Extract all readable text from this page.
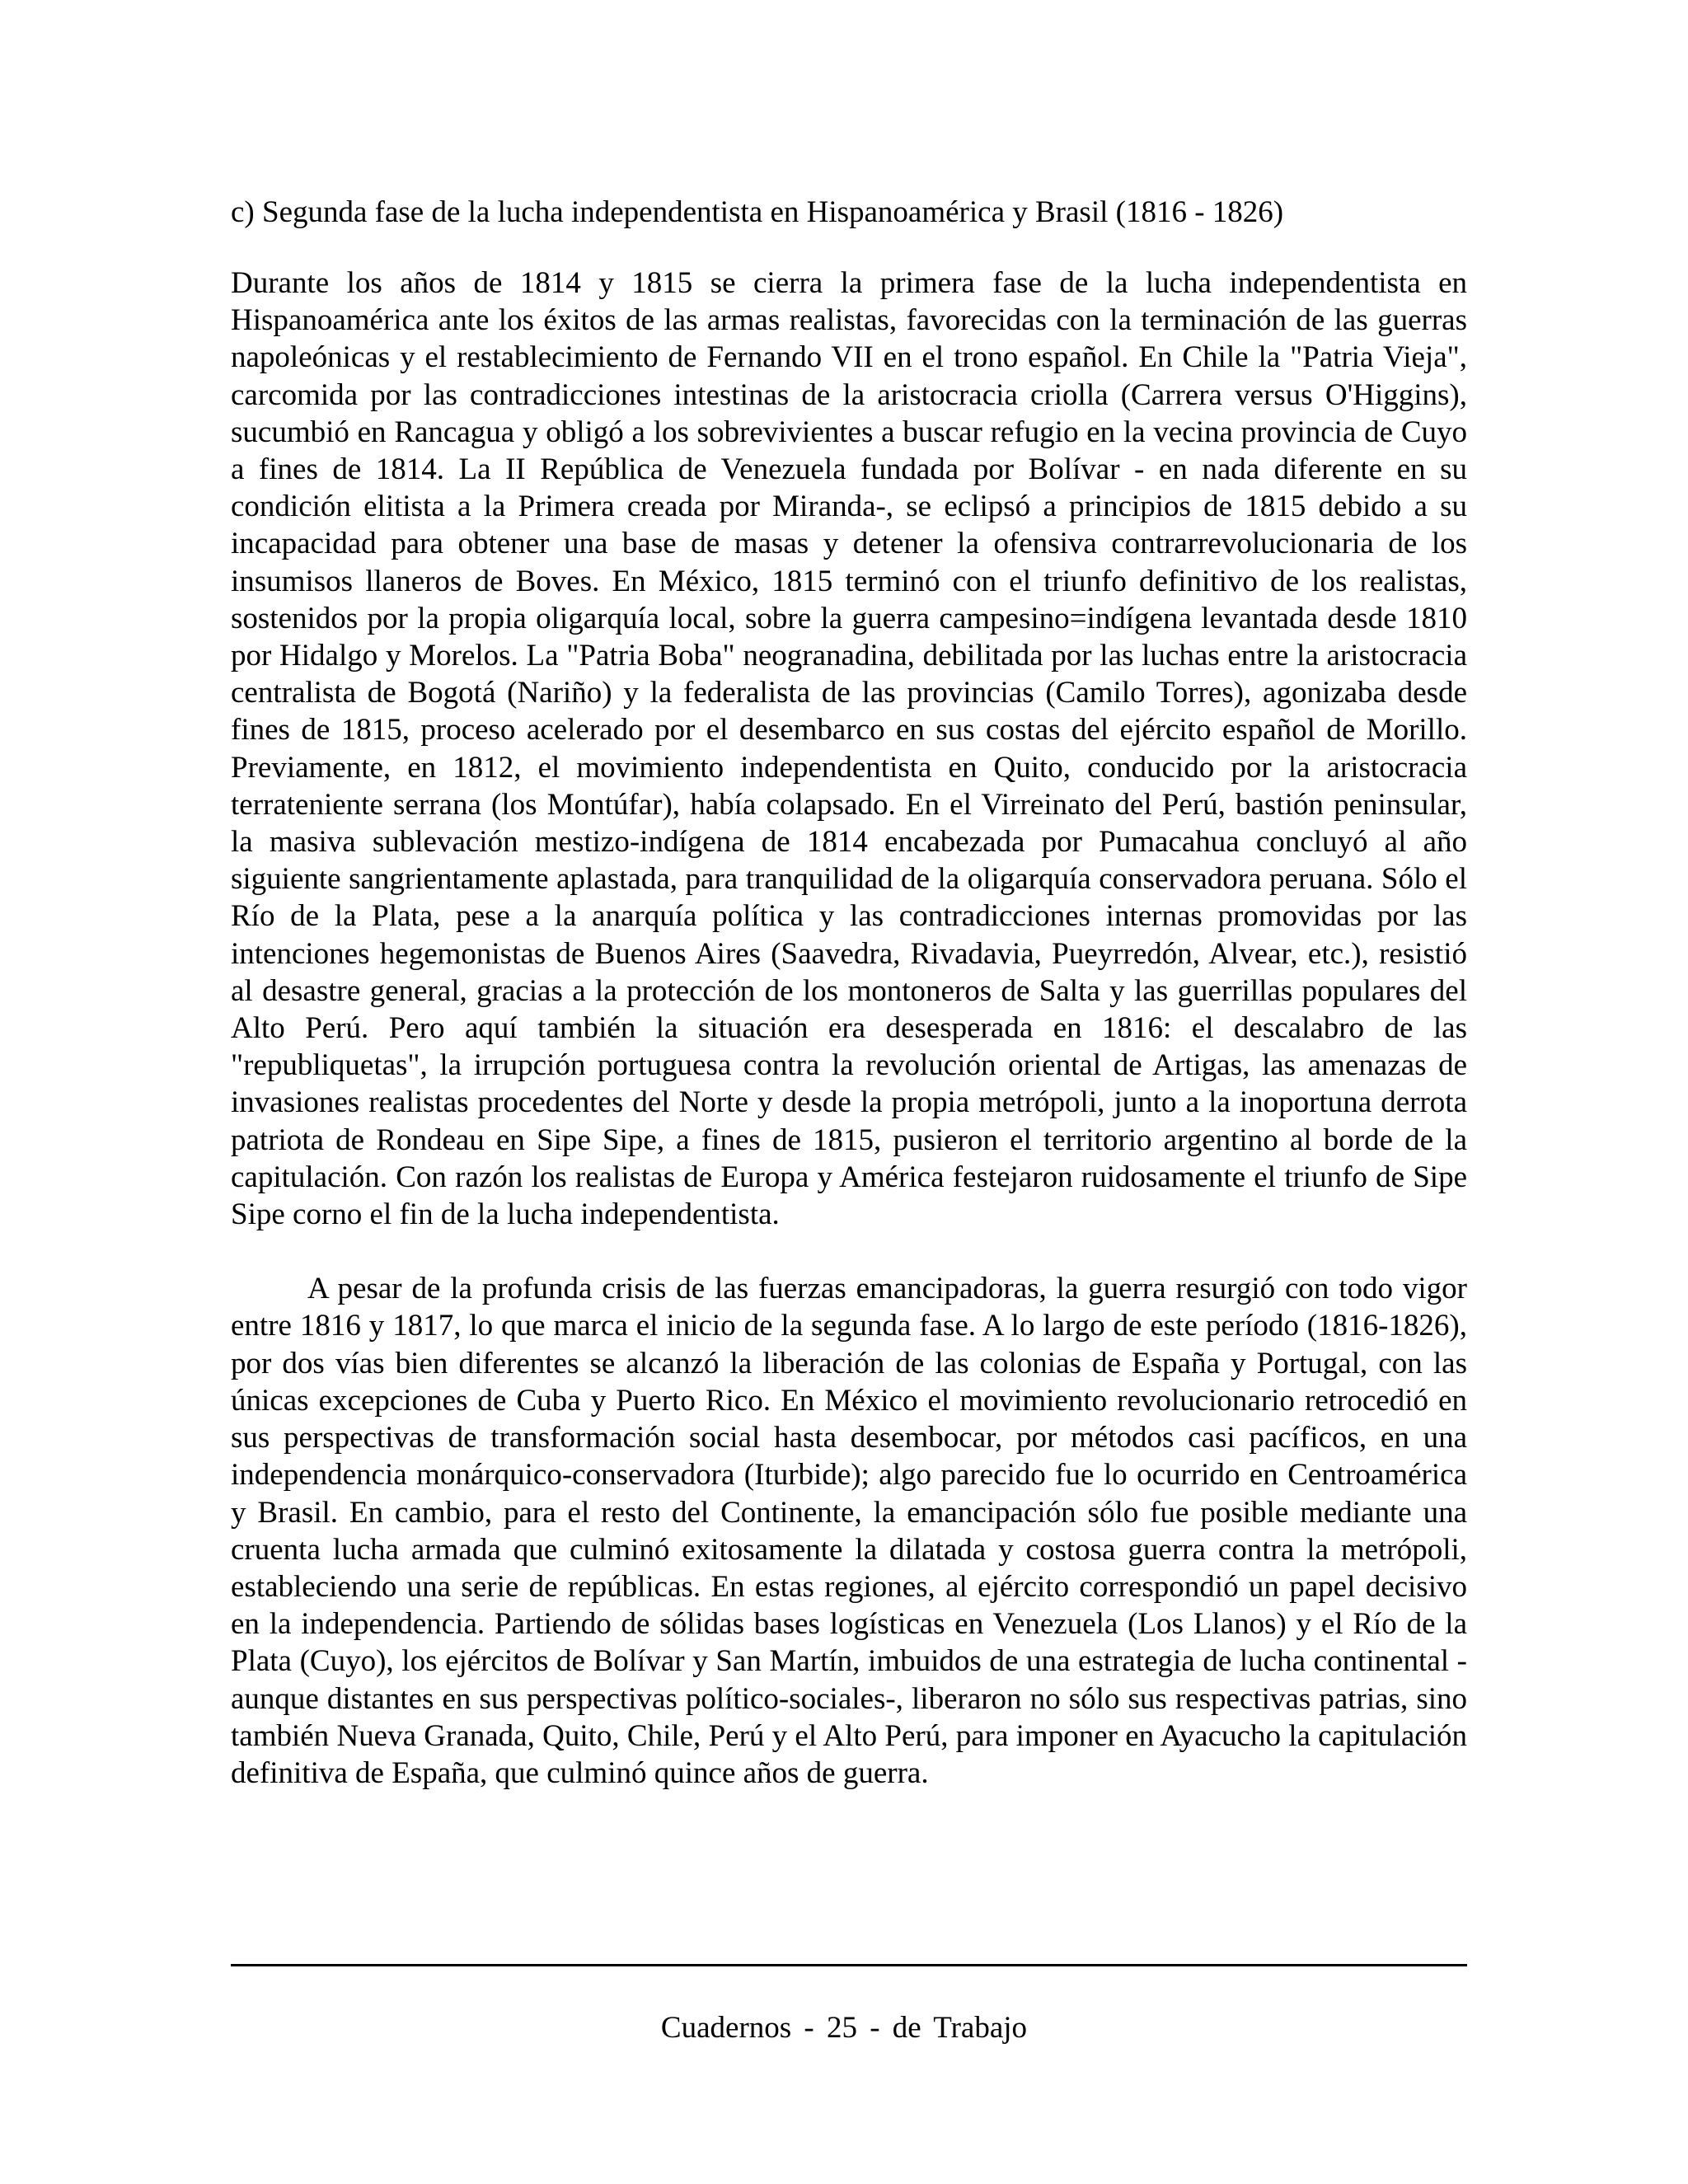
c) Segunda fase de la lucha independentista en Hispanoamérica y Brasil (1816 - 1826)

Durante los años de 1814 y 1815 se cierra la primera fase de la lucha independentista en Hispanoamérica ante los éxitos de las armas realistas, favorecidas con la terminación de las guerras napoleónicas y el restablecimiento de Fernando VII en el trono español. En Chile la "Patria Vieja", carcomida por las contradicciones intestinas de la aristocracia criolla (Carrera versus O'Higgins), sucumbió en Rancagua y obligó a los sobrevivientes a buscar refugio en la vecina provincia de Cuyo a fines de 1814. La II República de Venezuela fundada por Bolívar - en nada diferente en su condición elitista a la Primera creada por Miranda-, se eclipsó a principios de 1815 debido a su incapacidad para obtener una base de masas y detener la ofensiva contrarrevolucionaria de los insumisos llaneros de Boves. En México, 1815 terminó con el triunfo definitivo de los realistas, sostenidos por la propia oligarquía local, sobre la guerra campesino=indígena levantada desde 1810 por Hidalgo y Morelos. La "Patria Boba" neogranadina, debilitada por las luchas entre la aristocracia centralista de Bogotá (Nariño) y la federalista de las provincias (Camilo Torres), agonizaba desde fines de 1815, proceso acelerado por el desembarco en sus costas del ejército español de Morillo. Previamente, en 1812, el movimiento independentista en Quito, conducido por la aristocracia terrateniente serrana (los Montúfar), había colapsado. En el Virreinato del Perú, bastión peninsular, la masiva sublevación mestizo-indígena de 1814 encabezada por Pumacahua concluyó al año siguiente sangrientamente aplastada, para tranquilidad de la oligarquía conservadora peruana. Sólo el Río de la Plata, pese a la anarquía política y las contradicciones internas promovidas por las intenciones hegemonistas de Buenos Aires (Saavedra, Rivadavia, Pueyrredón, Alvear, etc.), resistió al desastre general, gracias a la protección de los montoneros de Salta y las guerrillas populares del Alto Perú. Pero aquí también la situación era desesperada en 1816: el descalabro de las "republiquetas", la irrupción portuguesa contra la revolución oriental de Artigas, las amenazas de invasiones realistas procedentes del Norte y desde la propia metrópoli, junto a la inoportuna derrota patriota de Rondeau en Sipe Sipe, a fines de 1815, pusieron el territorio argentino al borde de la capitulación. Con razón los realistas de Europa y América festejaron ruidosamente el triunfo de Sipe Sipe corno el fin de la lucha independentista.

A pesar de la profunda crisis de las fuerzas emancipadoras, la guerra resurgió con todo vigor entre 1816 y 1817, lo que marca el inicio de la segunda fase. A lo largo de este período (1816-1826), por dos vías bien diferentes se alcanzó la liberación de las colonias de España y Portugal, con las únicas excepciones de Cuba y Puerto Rico. En México el movimiento revolucionario retrocedió en sus perspectivas de transformación social hasta desembocar, por métodos casi pacíficos, en una independencia monárquico-conservadora (Iturbide); algo parecido fue lo ocurrido en Centroamérica y Brasil. En cambio, para el resto del Continente, la emancipación sólo fue posible mediante una cruenta lucha armada que culminó exitosamente la dilatada y costosa guerra contra la metrópoli, estableciendo una serie de repúblicas. En estas regiones, al ejército correspondió un papel decisivo en la independencia. Partiendo de sólidas bases logísticas en Venezuela (Los Llanos) y el Río de la Plata (Cuyo), los ejércitos de Bolívar y San Martín, imbuidos de una estrategia de lucha continental -aunque distantes en sus perspectivas político-sociales-, liberaron no sólo sus respectivas patrias, sino también Nueva Granada, Quito, Chile, Perú y el Alto Perú, para imponer en Ayacucho la capitulación definitiva de España, que culminó quince años de guerra.

Cuadernos - 25 - de Trabajo
